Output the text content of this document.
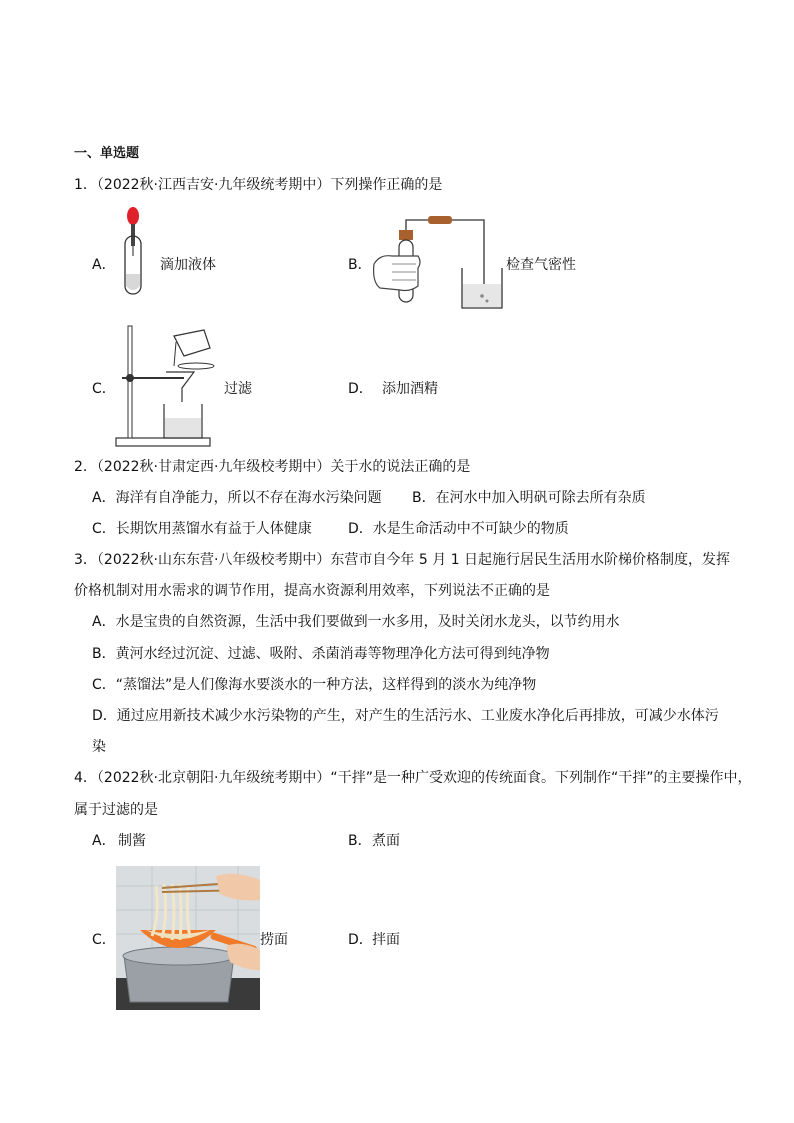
一、单选题
1．（2022秋·江西吉安·九年级统考期中）下列操作正确的是
A．	滴加液体	B．	检查气密性
C．	过滤	D． 添加酒精
2．（2022秋·甘肃定西·九年级校考期中）关于水的说法正确的是
A．海洋有自净能力，所以不存在海水污染问题 B．在河水中加入明矾可除去所有杂质
C．长期饮用蒸馏水有益于人体健康	D．水是生命活动中不可缺少的物质
3．（2022秋·山东东营·八年级校考期中）东营市自今年 5 月 1 日起施行居民生活用水阶梯价格制度，发挥
价格机制对用水需求的调节作用，提高水资源利用效率，下列说法不正确的是
A．水是宝贵的自然资源，生活中我们要做到一水多用，及时关闭水龙头，以节约用水
B．黄河水经过沉淀、过滤、吸附、杀菌消毒等物理净化方法可得到纯净物
C．“蒸馏法”是人们像海水要淡水的一种方法，这样得到的淡水为纯净物
D．通过应用新技术减少水污染物的产生，对产生的生活污水、工业废水净化后再排放，可减少水体污
染
4．（2022秋·北京朝阳·九年级统考期中）“干拌”是一种广受欢迎的传统面食。下列制作“干拌”的主要操作中，
属于过滤的是
A． 制酱	B． 煮面
C．	捞面	D． 拌面
